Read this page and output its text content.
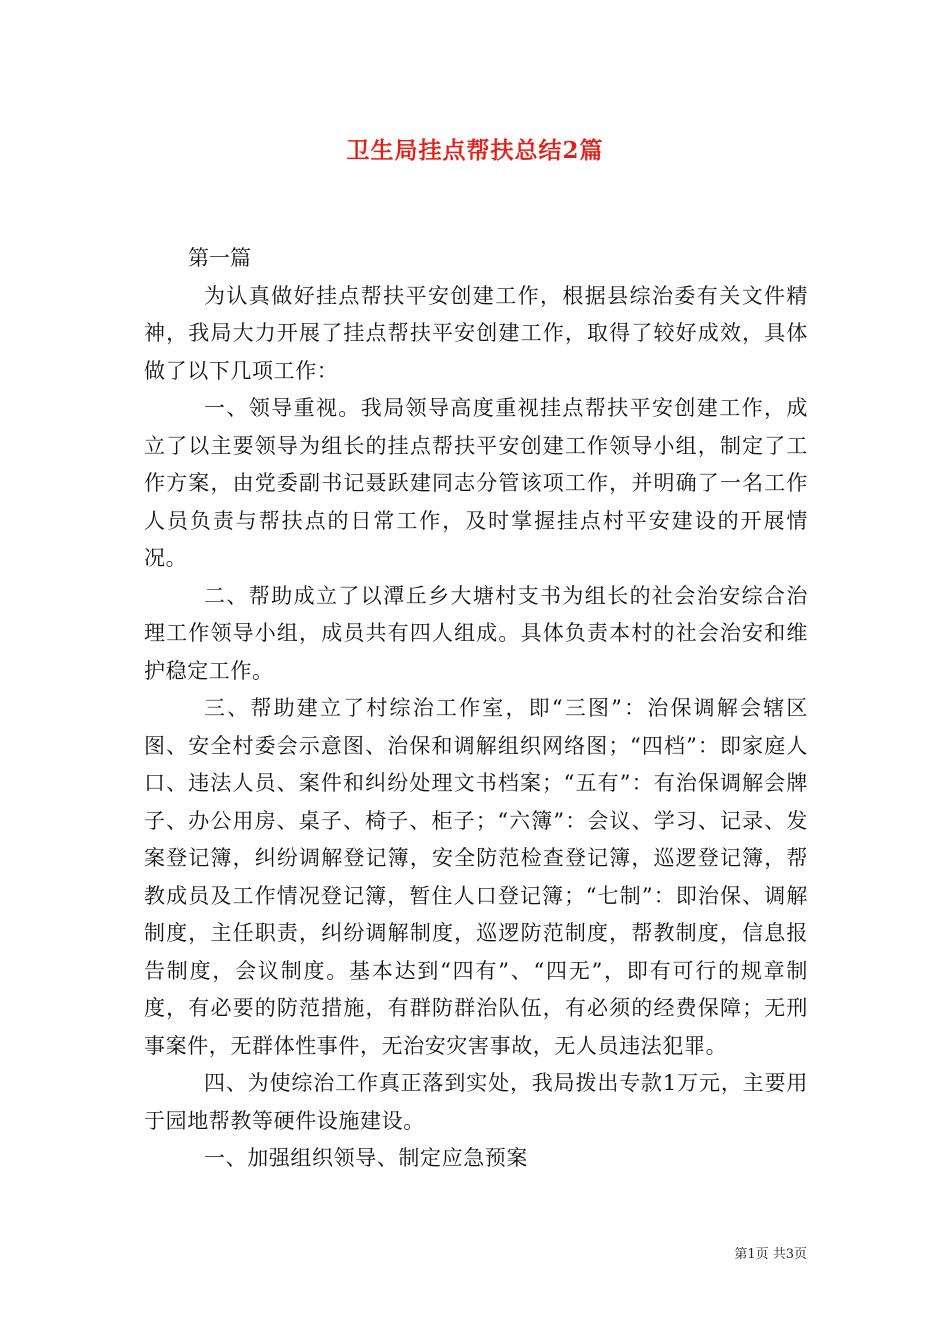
卫生局挂点帮扶总结2篇

第一篇

为认真做好挂点帮扶平安创建工作，根据县综治委有关文件精神，我局大力开展了挂点帮扶平安创建工作，取得了较好成效，具体做了以下几项工作：

一、领导重视。我局领导高度重视挂点帮扶平安创建工作，成立了以主要领导为组长的挂点帮扶平安创建工作领导小组，制定了工作方案，由党委副书记聂跃建同志分管该项工作，并明确了一名工作人员负责与帮扶点的日常工作，及时掌握挂点村平安建设的开展情况。

二、帮助成立了以潭丘乡大塘村支书为组长的社会治安综合治理工作领导小组，成员共有四人组成。具体负责本村的社会治安和维护稳定工作。

三、帮助建立了村综治工作室，即“三图”：治保调解会辖区图、安全村委会示意图、治保和调解组织网络图；“四档”：即家庭人口、违法人员、案件和纠纷处理文书档案；“五有”：有治保调解会牌子、办公用房、桌子、椅子、柜子；“六簿”：会议、学习、记录、发案登记簿，纠纷调解登记簿，安全防范检查登记簿，巡逻登记簿，帮教成员及工作情况登记簿，暂住人口登记簿；“七制”：即治保、调解制度，主任职责，纠纷调解制度，巡逻防范制度，帮教制度，信息报告制度，会议制度。基本达到“四有”、“四无”，即有可行的规章制度，有必要的防范措施，有群防群治队伍，有必须的经费保障；无刑事案件，无群体性事件，无治安灾害事故，无人员违法犯罪。

四、为使综治工作真正落到实处，我局拨出专款1万元，主要用于园地帮教等硬件设施建设。

一、加强组织领导、制定应急预案

第1页 共3页
